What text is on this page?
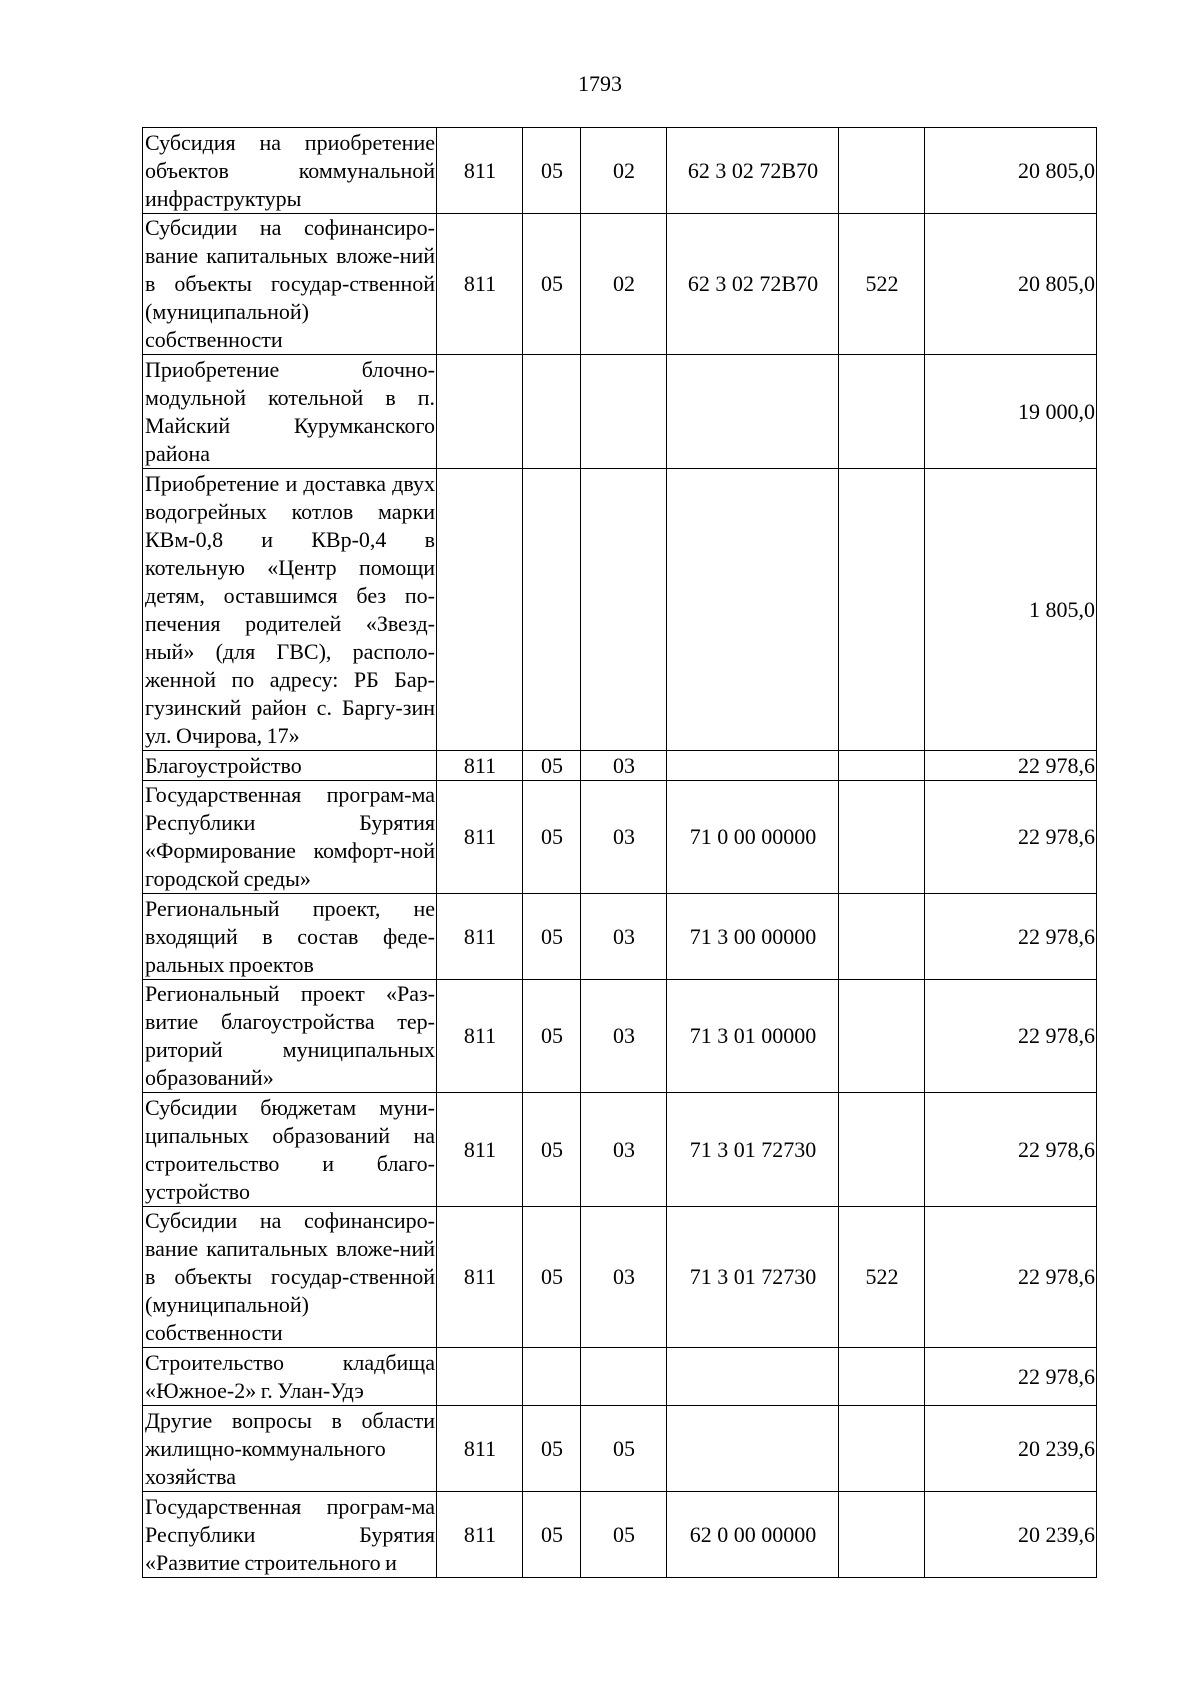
1793
Субсидия на приобретение объектов коммунальной инфраструктуры	811	05	02	62 3 02 72В70		20 805,0
Субсидии на софинансиро-вание капитальных вложе-ний в объекты государ-ственной (муниципальной) собственности	811	05	02	62 3 02 72В70	522	20 805,0
Приобретение блочно-модульной котельной в п. Майский Курумканского района						19 000,0
Приобретение и доставка двух водогрейных котлов марки КВм-0,8 и КВр-0,4 в котельную «Центр помощи детям, оставшимся без по-печения родителей «Звезд-ный» (для ГВС), располо-женной по адресу: РБ Бар-гузинский район с. Баргу-зин ул. Очирова, 17»						1 805,0
Благоустройство	811	05	03			22 978,6
Государственная програм-ма Республики Бурятия «Формирование комфорт-ной городской среды»	811	05	03	71 0 00 00000		22 978,6
Региональный проект, не входящий в состав феде-ральных проектов	811	05	03	71 3 00 00000		22 978,6
Региональный проект «Раз-витие благоустройства тер-риторий муниципальных образований»	811	05	03	71 3 01 00000		22 978,6
Субсидии бюджетам муни-ципальных образований на строительство и благо-устройство	811	05	03	71 3 01 72730		22 978,6
Субсидии на софинансиро-вание капитальных вложе-ний в объекты государ-ственной (муниципальной) собственности	811	05	03	71 3 01 72730	522	22 978,6
Строительство кладбища «Южное-2» г. Улан-Удэ						22 978,6
Другие вопросы в области жилищно-коммунального хозяйства	811	05	05			20 239,6
Государственная програм-ма Республики Бурятия «Развитие строительного и	811	05	05	62 0 00 00000		20 239,6
